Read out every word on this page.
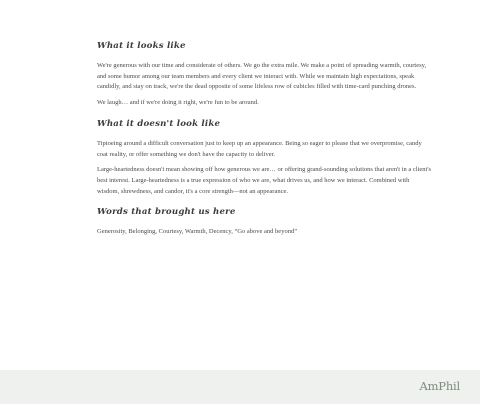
What it looks like

We're generous with our time and considerate of others. We go the extra mile. We make a point of spreading warmth, courtesy, and some humor among our team members and every client we interact with. While we maintain high expectations, speak candidly, and stay on track, we're the dead opposite of some lifeless row of cubicles filled with time-card punching drones.

We laugh… and if we're doing it right, we're fun to be around.

What it doesn't look like

Tiptoeing around a difficult conversation just to keep up an appearance. Being so eager to please that we overpromise, candy coat reality, or offer something we don't have the capacity to deliver.

Large-heartedness doesn't mean showing off how generous we are… or offering grand-sounding solutions that aren't in a client's best interest. Large-heartedness is a true expression of who we are, what drives us, and how we interact. Combined with wisdom, shrewdness, and candor, it's a core strength—not an appearance.

Words that brought us here

Generosity, Belonging, Courtesy, Warmth, Decency, “Go above and beyond”

AmPhil
